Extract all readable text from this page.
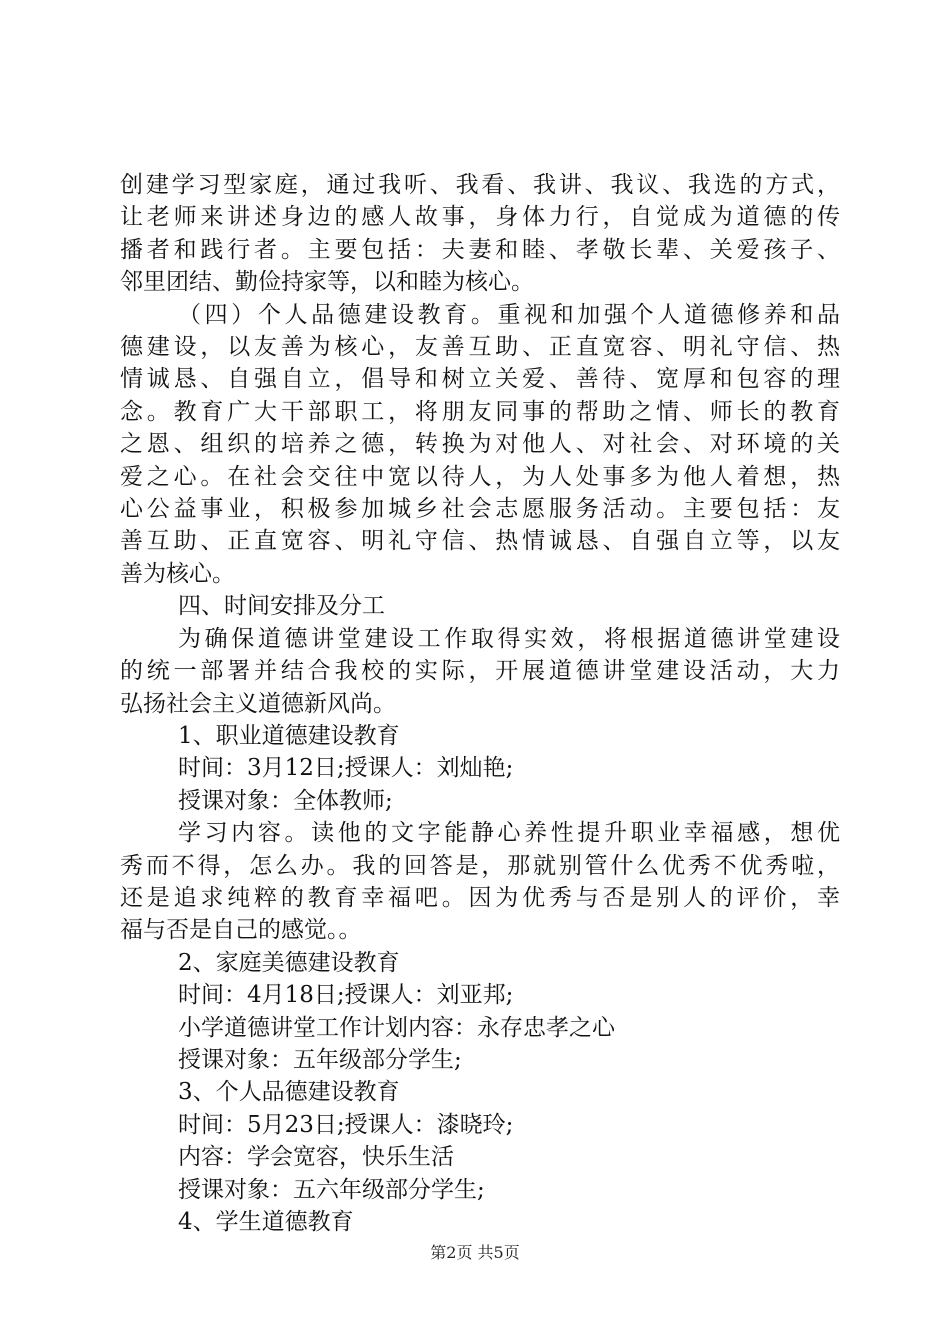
创建学习型家庭，通过我听、我看、我讲、我议、我选的方式，

让老师来讲述身边的感人故事，身体力行，自觉成为道德的传

播者和践行者。主要包括：夫妻和睦、孝敬长辈、关爱孩子、

邻里团结、勤俭持家等，以和睦为核心。

（四）个人品德建设教育。重视和加强个人道德修养和品

德建设，以友善为核心，友善互助、正直宽容、明礼守信、热

情诚恳、自强自立，倡导和树立关爱、善待、宽厚和包容的理

念。教育广大干部职工，将朋友同事的帮助之情、师长的教育

之恩、组织的培养之德，转换为对他人、对社会、对环境的关

爱之心。在社会交往中宽以待人，为人处事多为他人着想，热

心公益事业，积极参加城乡社会志愿服务活动。主要包括：友

善互助、正直宽容、明礼守信、热情诚恳、自强自立等，以友

善为核心。

四、时间安排及分工

为确保道德讲堂建设工作取得实效，将根据道德讲堂建设

的统一部署并结合我校的实际，开展道德讲堂建设活动，大力

弘扬社会主义道德新风尚。

1、职业道德建设教育

时间：3月12日;授课人：刘灿艳;

授课对象：全体教师;

学习内容。读他的文字能静心养性提升职业幸福感，想优

秀而不得，怎么办。我的回答是，那就别管什么优秀不优秀啦，

还是追求纯粹的教育幸福吧。因为优秀与否是别人的评价，幸

福与否是自己的感觉。。

2、家庭美德建设教育

时间：4月18日;授课人：刘亚邦;

小学道德讲堂工作计划内容：永存忠孝之心

授课对象：五年级部分学生;

3、个人品德建设教育

时间：5月23日;授课人：漆晓玲;

内容：学会宽容，快乐生活

授课对象：五六年级部分学生;

4、学生道德教育

第2页 共5页
